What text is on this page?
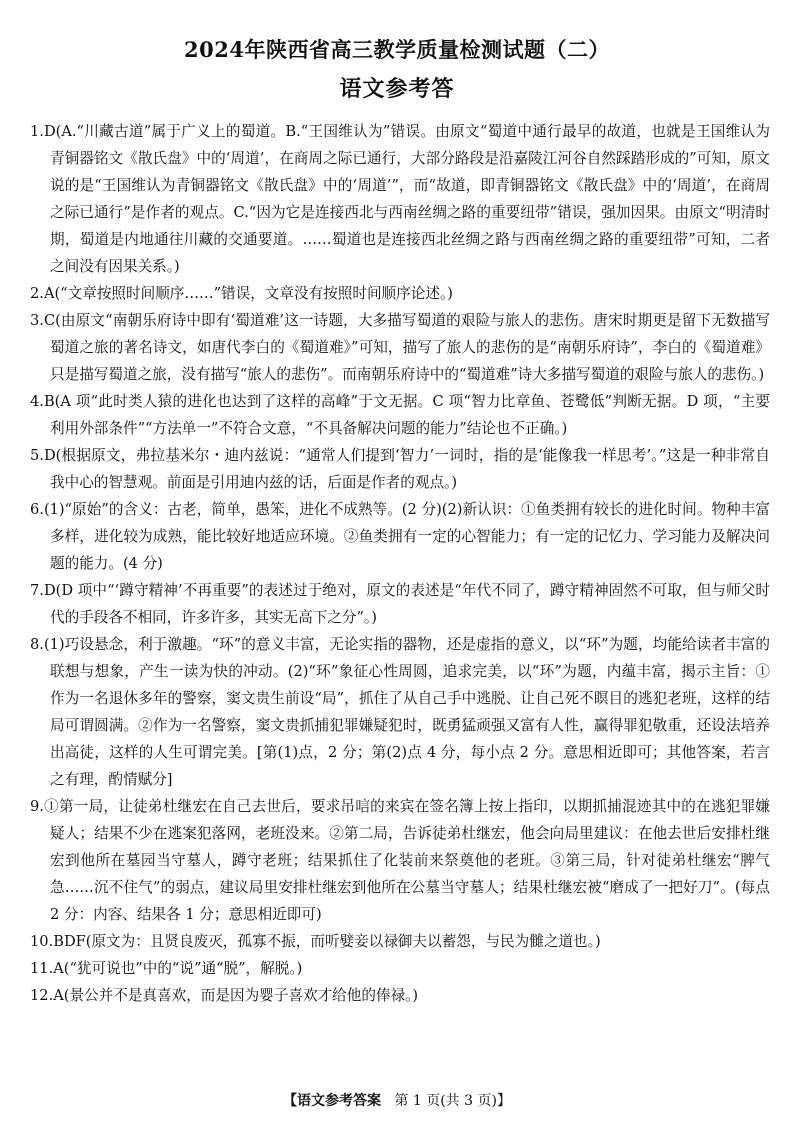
2024年陕西省高三教学质量检测试题（二）
语文参考答
1.D(A.“川藏古道”属于广义上的蜀道。B.“王国维认为”错误。由原文“蜀道中通行最早的故道，也就是王国维认为青铜器铭文《散氏盘》中的‘周道’，在商周之际已通行，大部分路段是沿嘉陵江河谷自然踩踏形成的”可知，原文说的是“王国维认为青铜器铭文《散氏盘》中的‘周道’”，而“故道，即青铜器铭文《散氏盘》中的‘周道’，在商周之际已通行”是作者的观点。C.“因为它是连接西北与西南丝绸之路的重要纽带”错误，强加因果。由原文“明清时期，蜀道是内地通往川藏的交通要道。……蜀道也是连接西北丝绸之路与西南丝绸之路的重要纽带”可知，二者之间没有因果关系。)
2.A(“文章按照时间顺序……”错误，文章没有按照时间顺序论述。)
3.C(由原文“南朝乐府诗中即有‘蜀道难’这一诗题，大多描写蜀道的艰险与旅人的悲伤。唐宋时期更是留下无数描写蜀道之旅的著名诗文，如唐代李白的《蜀道难》”可知，描写了旅人的悲伤的是“南朝乐府诗”，李白的《蜀道难》只是描写蜀道之旅，没有描写“旅人的悲伤”。而南朝乐府诗中的“蜀道难”诗大多描写蜀道的艰险与旅人的悲伤。)
4.B(A 项“此时类人猿的进化也达到了这样的高峰”于文无据。C 项“智力比章鱼、苍鹭低”判断无据。D 项，“主要利用外部条件”“方法单一”不符合文意，“不具备解决问题的能力”结论也不正确。)
5.D(根据原文，弗拉基米尔・迪内兹说：“通常人们提到‘智力’一词时，指的是‘能像我一样思考’。”这是一种非常自我中心的智慧观。前面是引用迪内兹的话，后面是作者的观点。)
6.(1)“原始”的含义：古老，简单，愚笨，进化不成熟等。(2 分)(2)新认识：①鱼类拥有较长的进化时间。物种丰富多样，进化较为成熟，能比较好地适应环境。②鱼类拥有一定的心智能力；有一定的记忆力、学习能力及解决问题的能力。(4 分)
7.D(D 项中“‘蹲守精神’不再重要”的表述过于绝对，原文的表述是“年代不同了，蹲守精神固然不可取，但与师父时代的手段各不相同，许多许多，其实无高下之分”。)
8.(1)巧设悬念，利于激趣。“环”的意义丰富，无论实指的器物，还是虚指的意义，以“环”为题，均能给读者丰富的联想与想象，产生一读为快的冲动。(2)“环”象征心性周圆，追求完美，以“环”为题，内蕴丰富，揭示主旨：①作为一名退休多年的警察，窦文贵生前设“局”，抓住了从自己手中逃脱、让自己死不瞑目的逃犯老班，这样的结局可谓圆满。②作为一名警察，窦文贵抓捕犯罪嫌疑犯时，既勇猛顽强又富有人性，赢得罪犯敬重，还设法培养出高徒，这样的人生可谓完美。[第(1)点，2 分；第(2)点 4 分，每小点 2 分。意思相近即可；其他答案，若言之有理，酌情赋分]
9.①第一局，让徒弟杜继宏在自己去世后，要求吊唁的来宾在签名簿上按上指印，以期抓捕混迹其中的在逃犯罪嫌疑人；结果不少在逃案犯落网，老班没来。②第二局，告诉徒弟杜继宏，他会向局里建议：在他去世后安排杜继宏到他所在墓园当守墓人，蹲守老班；结果抓住了化装前来祭奠他的老班。③第三局，针对徒弟杜继宏“脾气急……沉不住气”的弱点，建议局里安排杜继宏到他所在公墓当守墓人；结果杜继宏被“磨成了一把好刀”。(每点 2 分：内容、结果各 1 分；意思相近即可)
10.BDF(原文为：且贤良废灭，孤寡不振，而听嬖妾以禄御夫以蓄怨，与民为雠之道也。)
11.A(“犹可说也”中的“说”通“脱”，解脱。)
12.A(景公并不是真喜欢，而是因为婴子喜欢才给他的俸禄。)
【语文参考答案 第 1 页(共 3 页)】
